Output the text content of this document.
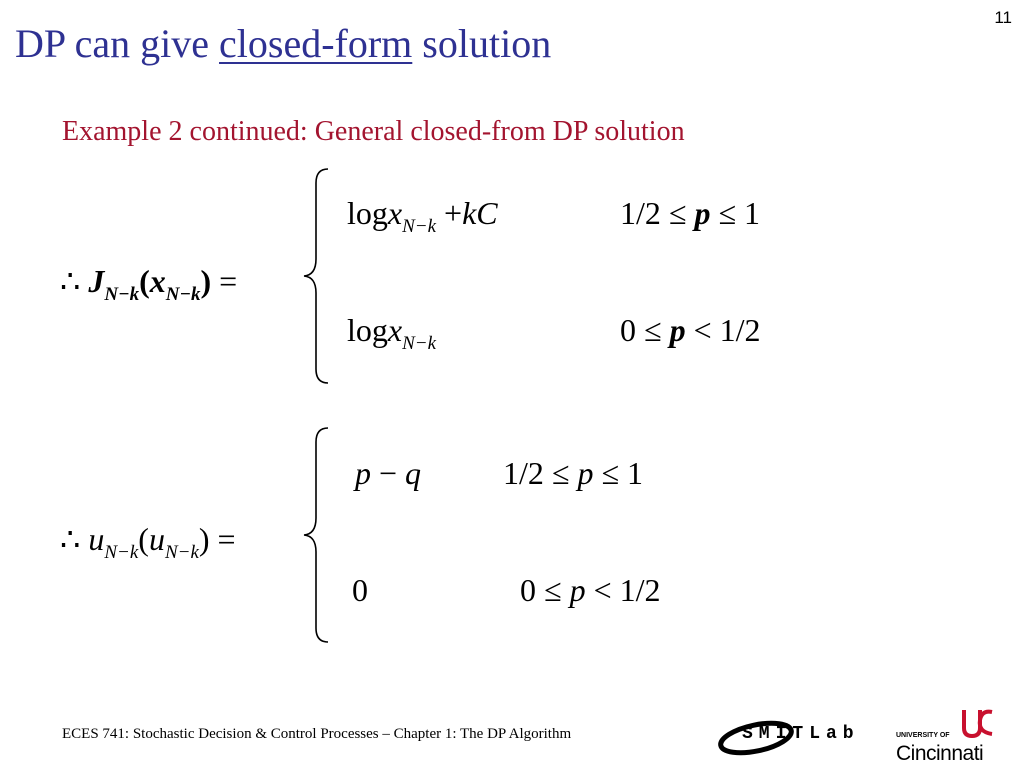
11
DP can give closed-form solution
Example 2 continued: General closed-from DP solution
∴ $J_{N-k}(x_{N-k})$ =
logx$_{N-k}$ +kC	1/2 ≤ p ≤ 1
logx$_{N-k}$	0 ≤ p < 1/2
∴ $u_{N-k}(u_{N-k})$ =
p − q	1/2 ≤ p ≤ 1
0	0 ≤ p < 1/2
ECES 741: Stochastic Decision & Control Processes – Chapter 1: The DP Algorithm	SMITLab	UNIVERSITY OF
Cincinnati
